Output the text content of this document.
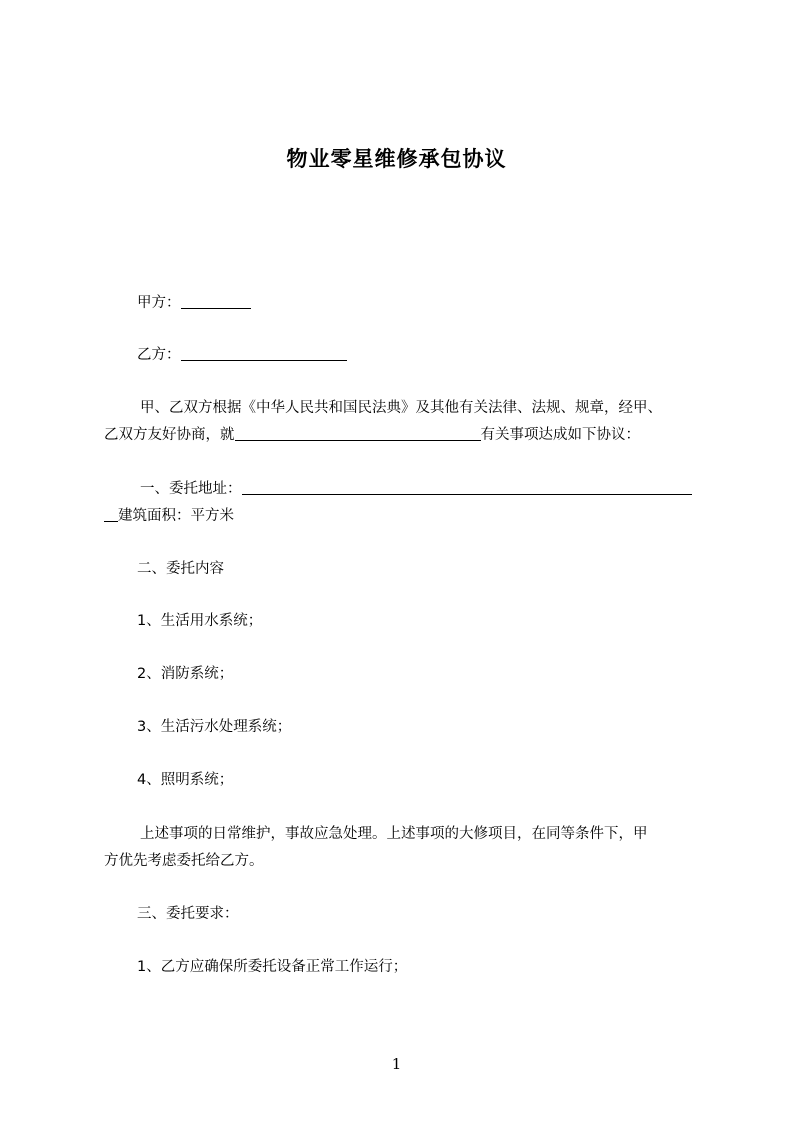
物业零星维修承包协议
甲方：
乙方：
甲、乙双方根据《中华人民共和国民法典》及其他有关法律、法规、规章，经甲、
乙双方友好协商，就	有关事项达成如下协议：
一、委托地址：
建筑面积：平方米
二、委托内容
1、生活用水系统；
2、消防系统；
3、生活污水处理系统；
4、照明系统；
上述事项的日常维护，事故应急处理。上述事项的大修项目，在同等条件下，甲
方优先考虑委托给乙方。
三、委托要求：
1、乙方应确保所委托设备正常工作运行；
1
